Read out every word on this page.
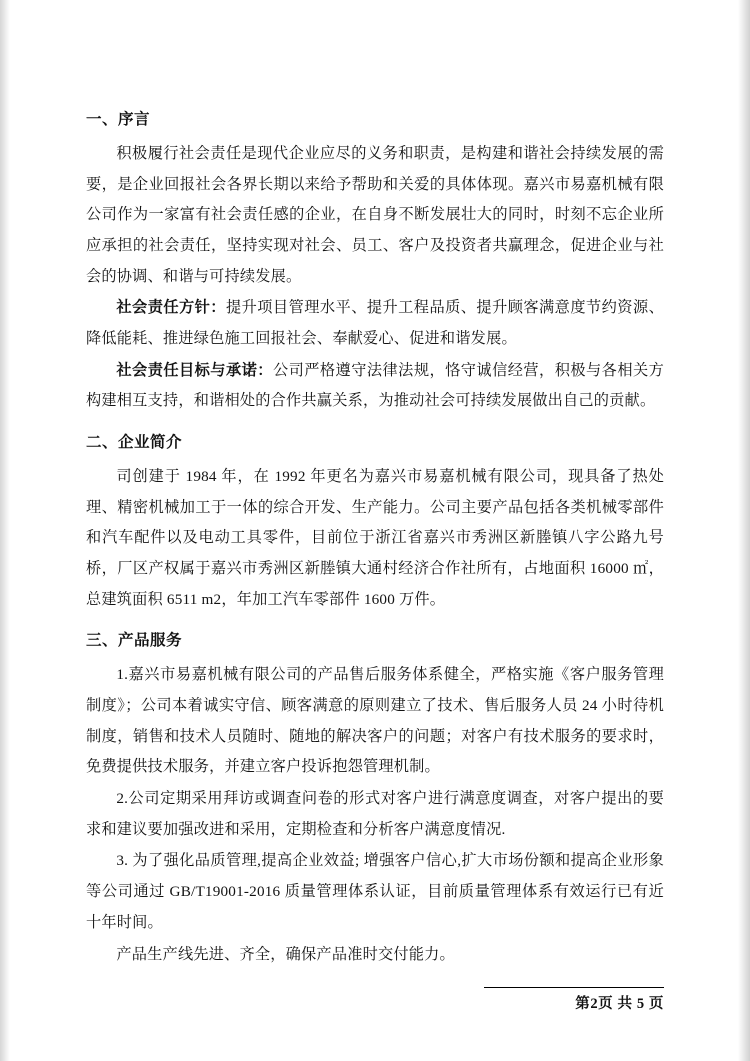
一、序言

积极履行社会责任是现代企业应尽的义务和职责，是构建和谐社会持续发展的需要，是企业回报社会各界长期以来给予帮助和关爱的具体体现。嘉兴市易嘉机械有限公司作为一家富有社会责任感的企业，在自身不断发展壮大的同时，时刻不忘企业所应承担的社会责任，坚持实现对社会、员工、客户及投资者共赢理念，促进企业与社会的协调、和谐与可持续发展。

社会责任方针：提升项目管理水平、提升工程品质、提升顾客满意度节约资源、降低能耗、推进绿色施工回报社会、奉献爱心、促进和谐发展。

社会责任目标与承诺：公司严格遵守法律法规，恪守诚信经营，积极与各相关方构建相互支持，和谐相处的合作共赢关系，为推动社会可持续发展做出自己的贡献。

二、企业简介

司创建于 1984 年，在 1992 年更名为嘉兴市易嘉机械有限公司，现具备了热处理、精密机械加工于一体的综合开发、生产能力。公司主要产品包括各类机械零部件和汽车配件以及电动工具零件，目前位于浙江省嘉兴市秀洲区新塍镇八字公路九号桥，厂区产权属于嘉兴市秀洲区新塍镇大通村经济合作社所有，占地面积 16000 ㎡，总建筑面积 6511 m2，年加工汽车零部件 1600 万件。

三、产品服务

1.嘉兴市易嘉机械有限公司的产品售后服务体系健全，严格实施《客户服务管理制度》；公司本着诚实守信、顾客满意的原则建立了技术、售后服务人员 24 小时待机制度，销售和技术人员随时、随地的解决客户的问题；对客户有技术服务的要求时，免费提供技术服务，并建立客户投诉抱怨管理机制。

2.公司定期采用拜访或调查问卷的形式对客户进行满意度调查，对客户提出的要求和建议要加强改进和采用，定期检查和分析客户满意度情况.

3. 为了强化品质管理,提高企业效益; 增强客户信心,扩大市场份额和提高企业形象等公司通过 GB/T19001-2016 质量管理体系认证，目前质量管理体系有效运行已有近十年时间。

产品生产线先进、齐全，确保产品准时交付能力。

第2页 共 5 页
